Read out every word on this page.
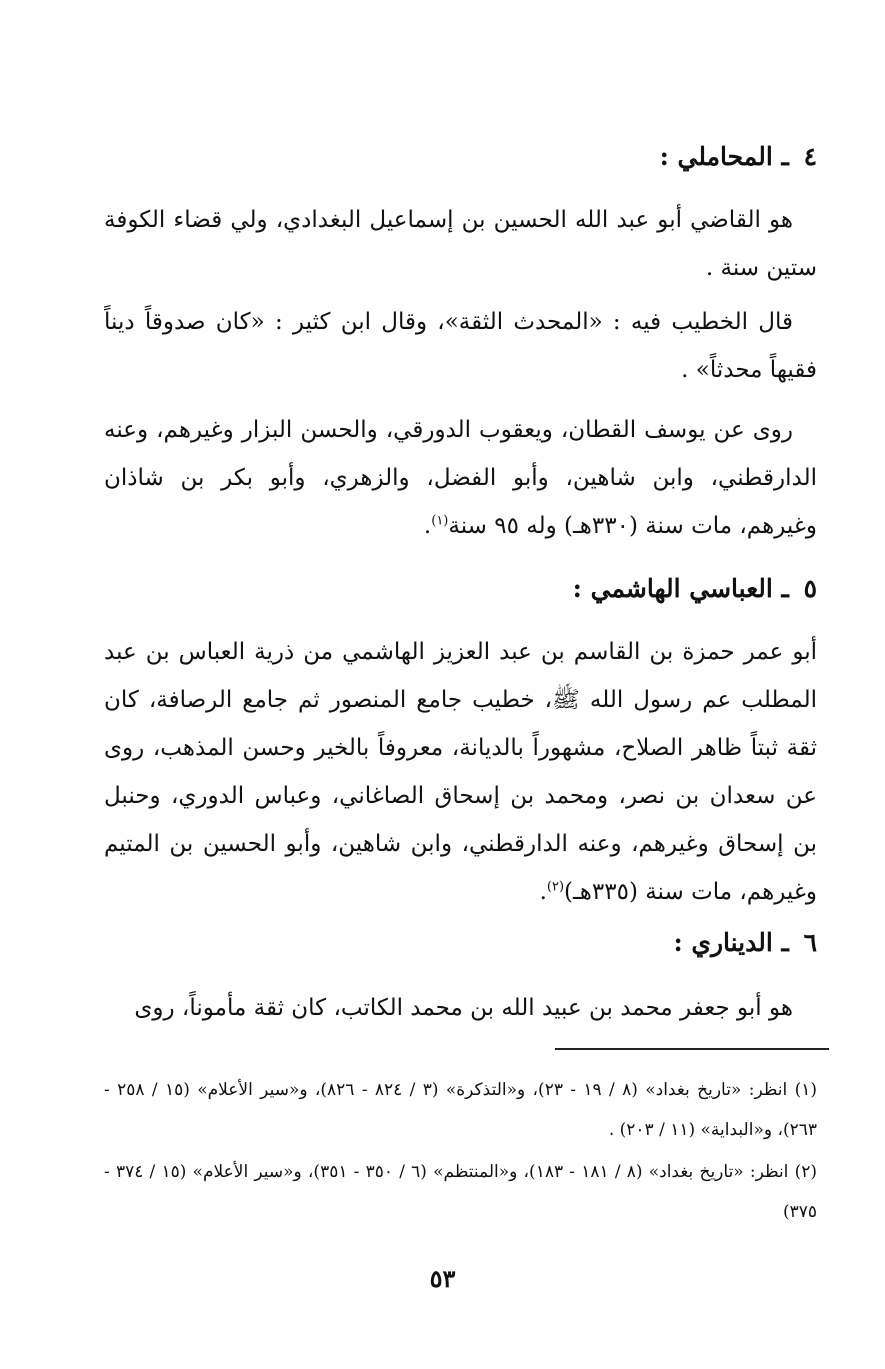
٤ ـ المحاملي :
هو القاضي أبو عبد الله الحسين بن إسماعيل البغدادي، ولي قضاء الكوفة ستين سنة .
قال الخطيب فيه : «المحدث الثقة»، وقال ابن كثير : «كان صدوقاً ديناً فقيهاً محدثاً» .
روى عن يوسف القطان، ويعقوب الدورقي، والحسن البزار وغيرهم، وعنه الدارقطني، وابن شاهين، وأبو الفضل، والزهري، وأبو بكر بن شاذان وغيرهم، مات سنة (٣٣٠هـ) وله ٩٥ سنة$^{(١)}$.
٥ ـ العباسي الهاشمي :
أبو عمر حمزة بن القاسم بن عبد العزيز الهاشمي من ذرية العباس بن عبد المطلب عم رسول الله ﷺ، خطيب جامع المنصور ثم جامع الرصافة، كان ثقة ثبتاً ظاهر الصلاح، مشهوراً بالديانة، معروفاً بالخير وحسن المذهب، روى عن سعدان بن نصر، ومحمد بن إسحاق الصاغاني، وعباس الدوري، وحنبل بن إسحاق وغيرهم، وعنه الدارقطني، وابن شاهين، وأبو الحسين بن المتيم وغيرهم، مات سنة (٣٣٥هـ)$^{(٢)}$.
٦ ـ الديناري :
هو أبو جعفر محمد بن عبيد الله بن محمد الكاتب، كان ثقة مأموناً، روى
(١) انظر: «تاريخ بغداد» (٨ / ١٩ - ٢٣)، و«التذكرة» (٣ / ٨٢٤ - ٨٢٦)، و«سير الأعلام» (١٥ / ٢٥٨ - ٢٦٣)، و«البداية» (١١ / ٢٠٣) .
(٢) انظر: «تاريخ بغداد» (٨ / ١٨١ - ١٨٣)، و«المنتظم» (٦ / ٣٥٠ - ٣٥١)، و«سير الأعلام» (١٥ / ٣٧٤ - ٣٧٥)
٥٣
